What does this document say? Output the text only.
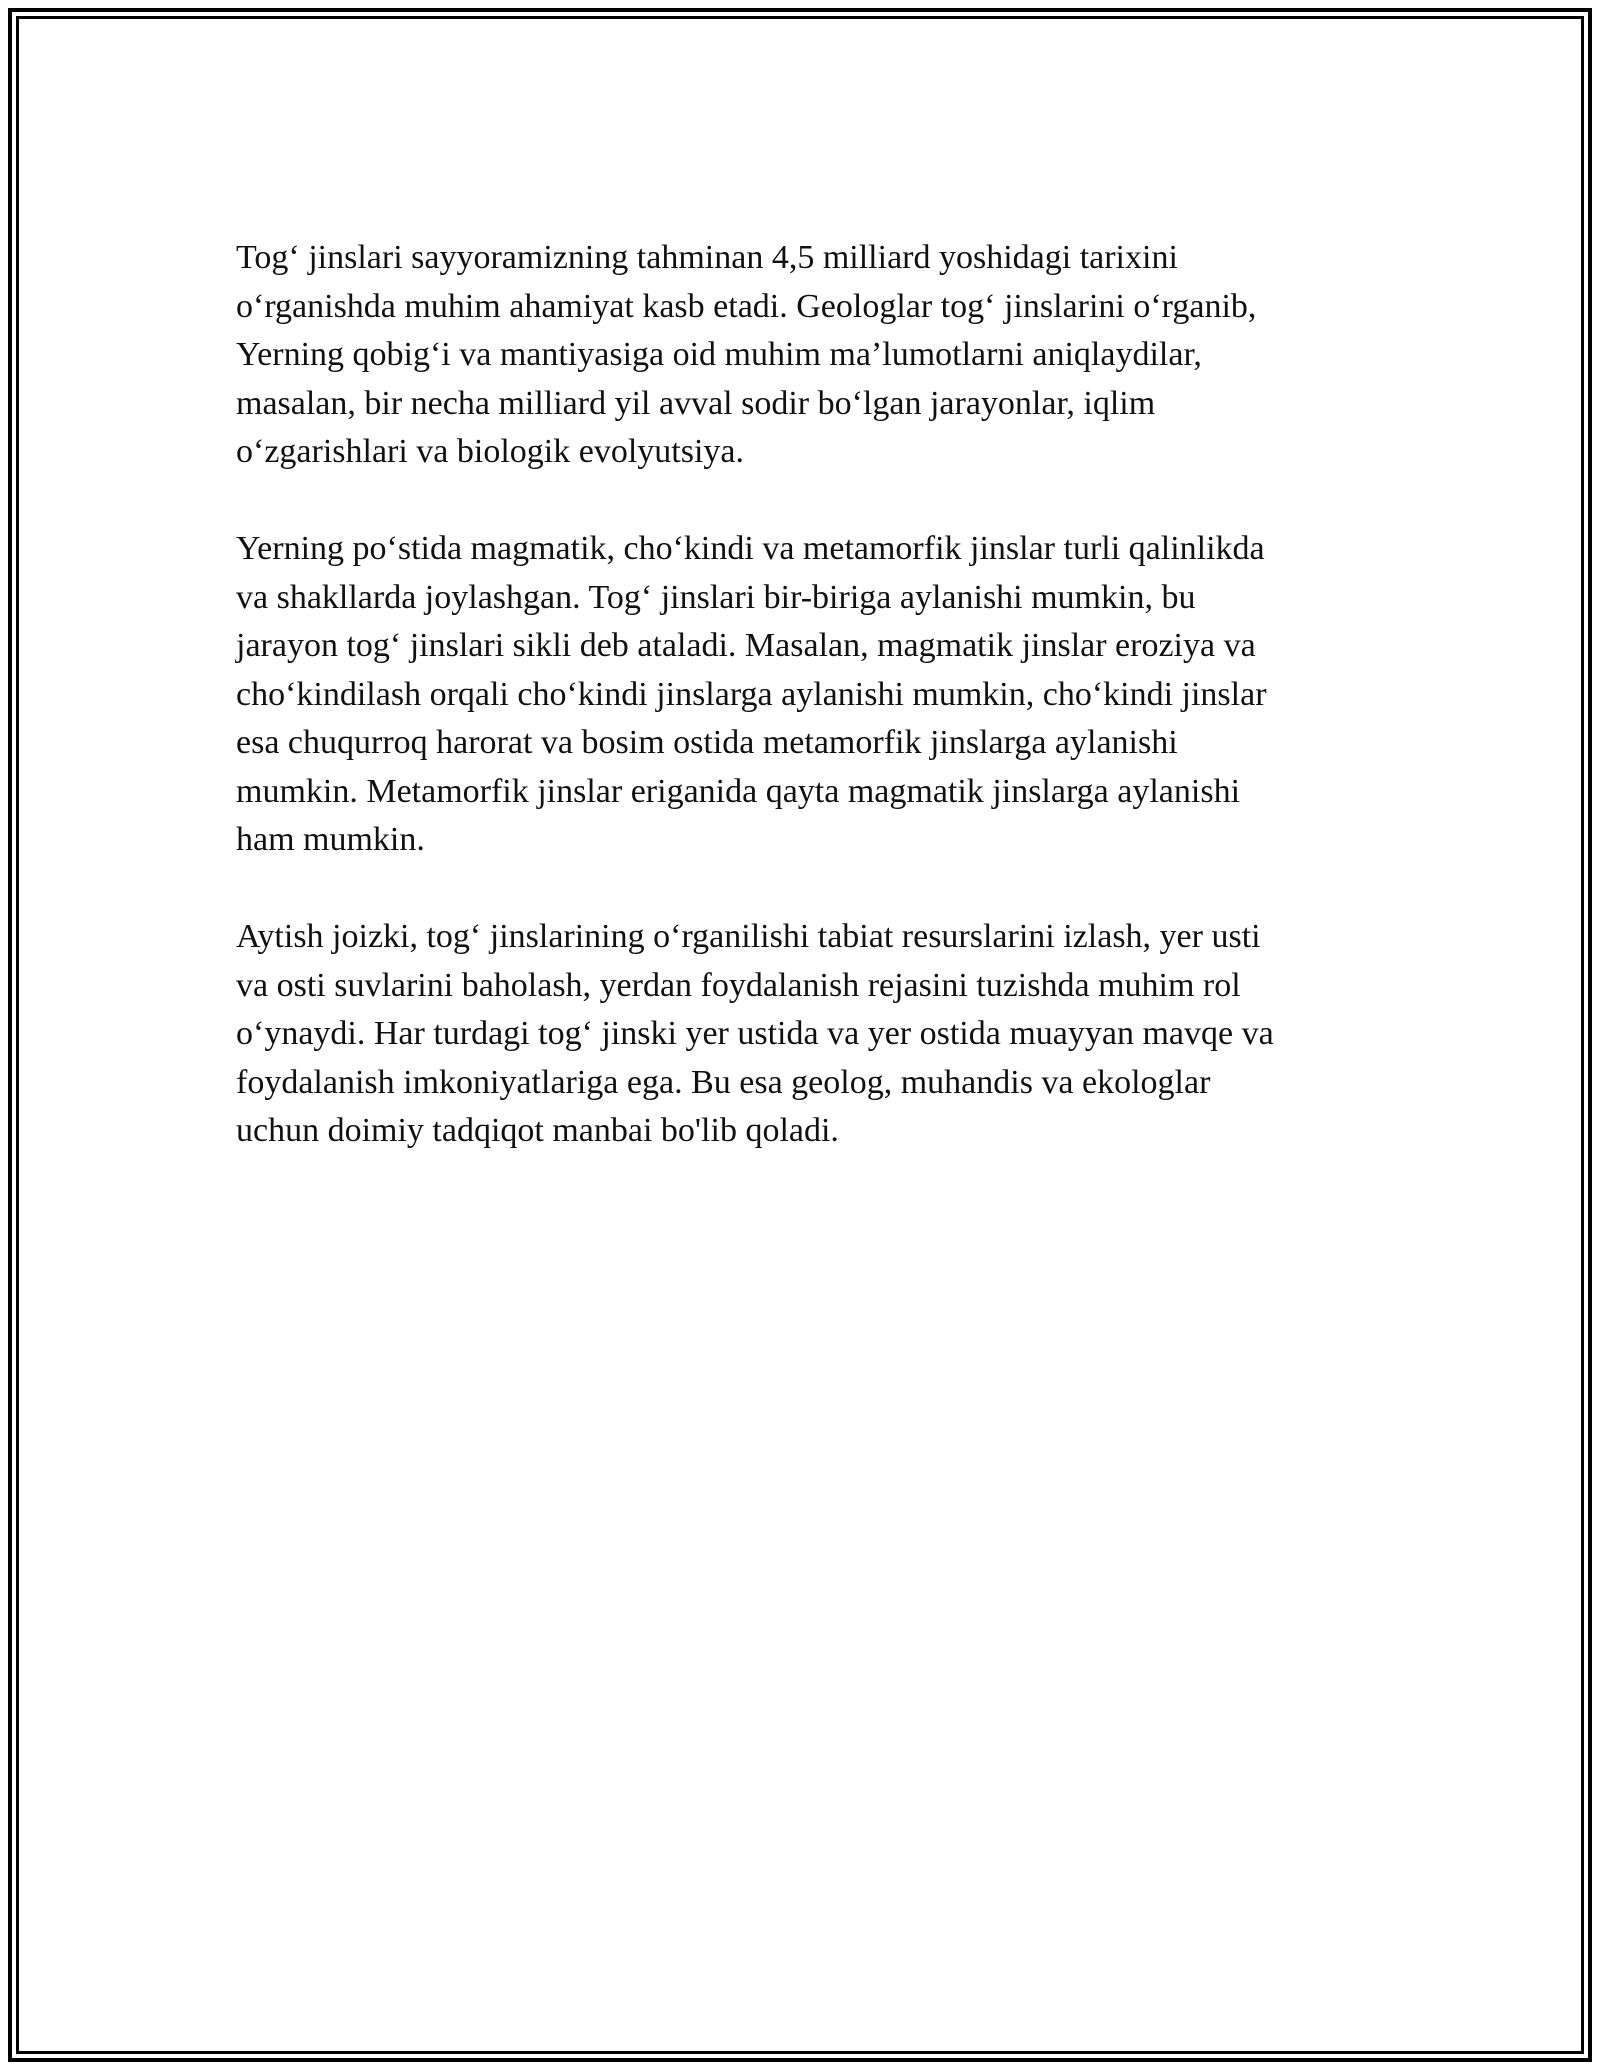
Tog‘ jinslari sayyoramizning tahminan 4,5 milliard yoshidagi tarixini
o‘rganishda muhim ahamiyat kasb etadi. Geologlar tog‘ jinslarini o‘rganib,
Yerning qobig‘i va mantiyasiga oid muhim ma’lumotlarni aniqlaydilar,
masalan, bir necha milliard yil avval sodir bo‘lgan jarayonlar, iqlim
o‘zgarishlari va biologik evolyutsiya.

Yerning po‘stida magmatik, cho‘kindi va metamorfik jinslar turli qalinlikda
va shakllarda joylashgan. Tog‘ jinslari bir-biriga aylanishi mumkin, bu
jarayon tog‘ jinslari sikli deb ataladi. Masalan, magmatik jinslar eroziya va
cho‘kindilash orqali cho‘kindi jinslarga aylanishi mumkin, cho‘kindi jinslar
esa chuqurroq harorat va bosim ostida metamorfik jinslarga aylanishi
mumkin. Metamorfik jinslar eriganida qayta magmatik jinslarga aylanishi
ham mumkin.

Aytish joizki, tog‘ jinslarining o‘rganilishi tabiat resurslarini izlash, yer usti
va osti suvlarini baholash, yerdan foydalanish rejasini tuzishda muhim rol
o‘ynaydi. Har turdagi tog‘ jinski yer ustida va yer ostida muayyan mavqe va
foydalanish imkoniyatlariga ega. Bu esa geolog, muhandis va ekologlar
uchun doimiy tadqiqot manbai bo'lib qoladi.
